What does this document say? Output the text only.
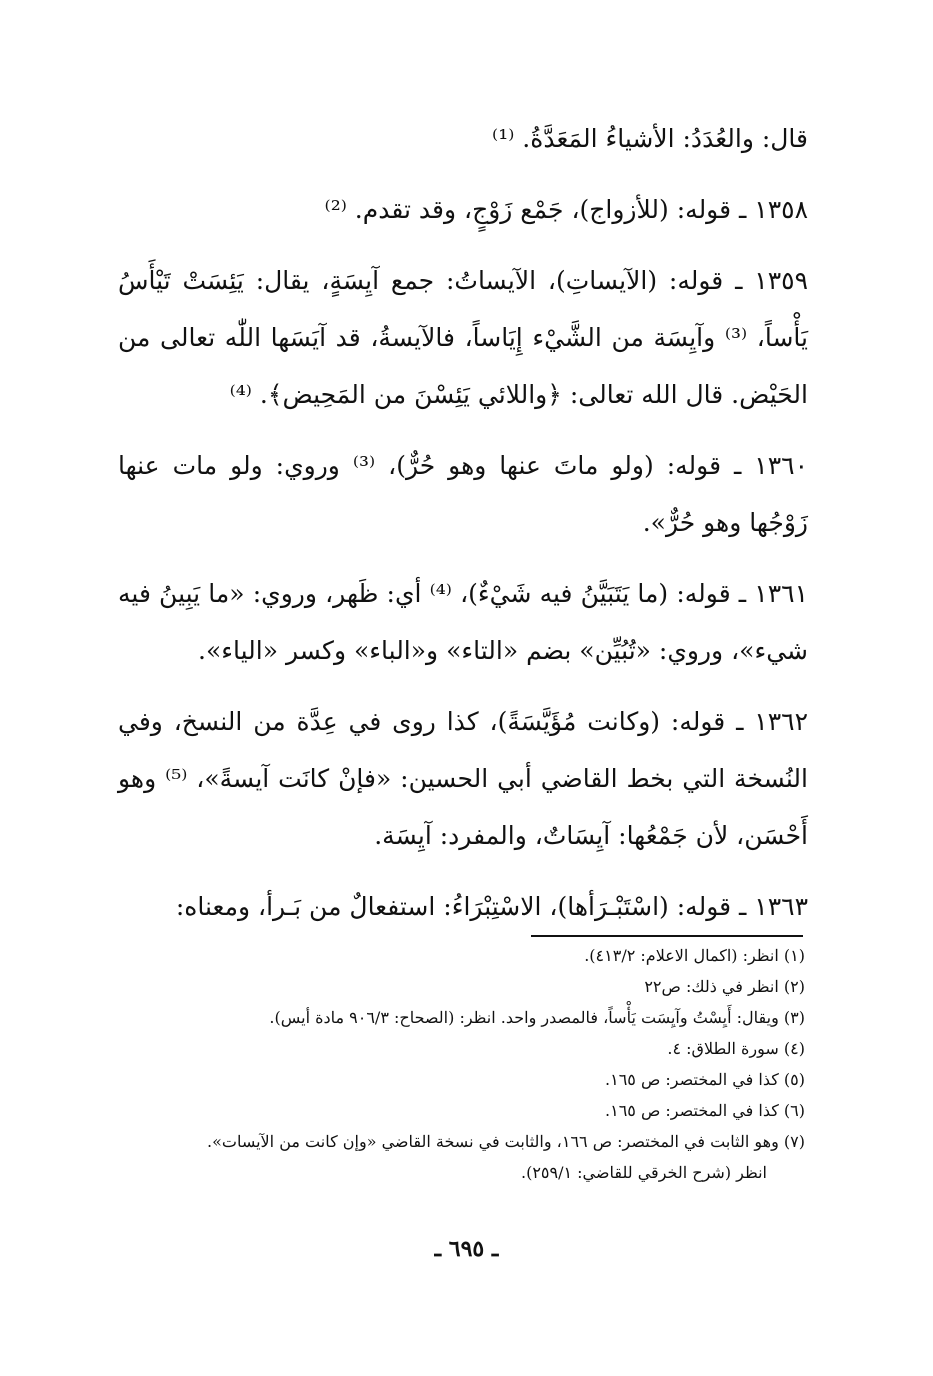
قال: والعُدَدُ: الأشياءُ المَعَدَّةُ. ⁽¹⁾

١٣٥٨ ـ قوله: (للأزواج)، جَمْع زَوْجٍ، وقد تقدم. ⁽²⁾

١٣٥٩ ـ قوله: (الآيساتِ)، الآيساتُ: جمع آيِسَةٍ، يقال: يَئِسَتْ تَيْأَسُ يَأْساً، ⁽³⁾ وآيِسَة من الشَّيْء إِيَاساً، فالآيسةُ، قد آيَسَها اللّٰه تعالى من الحَيْض. قال الله تعالى: ﴿واللائي يَئِسْنَ من المَحِيض﴾. ⁽⁴⁾

١٣٦٠ ـ قوله: (ولو ماتَ عنها وهو حُرٌّ)، ⁽³⁾ وروي: ولو مات عنها زَوْجُها وهو حُرٌّ».

١٣٦١ ـ قوله: (ما يَتَبَيَّنُ فيه شَيْءٌ)، ⁽⁴⁾ أي: ظَهر، وروي: «ما يَبِينُ فيه شيء»، وروي: «تُبُيِّن» بضم «التاء» و«الباء» وكسر «الياء».

١٣٦٢ ـ قوله: (وكانت مُؤَيَّسَةً)، كذا روى في عِدَّة من النسخ، وفي النُسخة التي بخط القاضي أبي الحسين: «فإنْ كانَت آيسةً»، ⁽⁵⁾ وهو أَحْسَن، لأن جَمْعُها: آيِسَاتٌ، والمفرد: آيِسَة.

١٣٦٣ ـ قوله: (اسْتَبْـرَأها)، الاسْتِبْرَاءُ: استفعالٌ من بَـرأ، ومعناه:

(١) انظر: (اكمال الاعلام: ٤١٣/٢).

(٢) انظر في ذلك: ص٢٢

(٣) ويقال: أَيِسْتُ وآيِسَت يَأْساً، فالمصدر واحد. انظر: (الصحاح: ٩٠٦/٣ مادة أيس).

(٤) سورة الطلاق: ٤.

(٥) كذا في المختصر: ص ١٦٥.

(٦) كذا في المختصر: ص ١٦٥.

(٧) وهو الثابت في المختصر: ص ١٦٦، والثابت في نسخة القاضي «وإن كانت من الآيسات».

انظر (شرح الخرقي للقاضي: ٢٥٩/١).

ـ ٦٩٥ ـ
